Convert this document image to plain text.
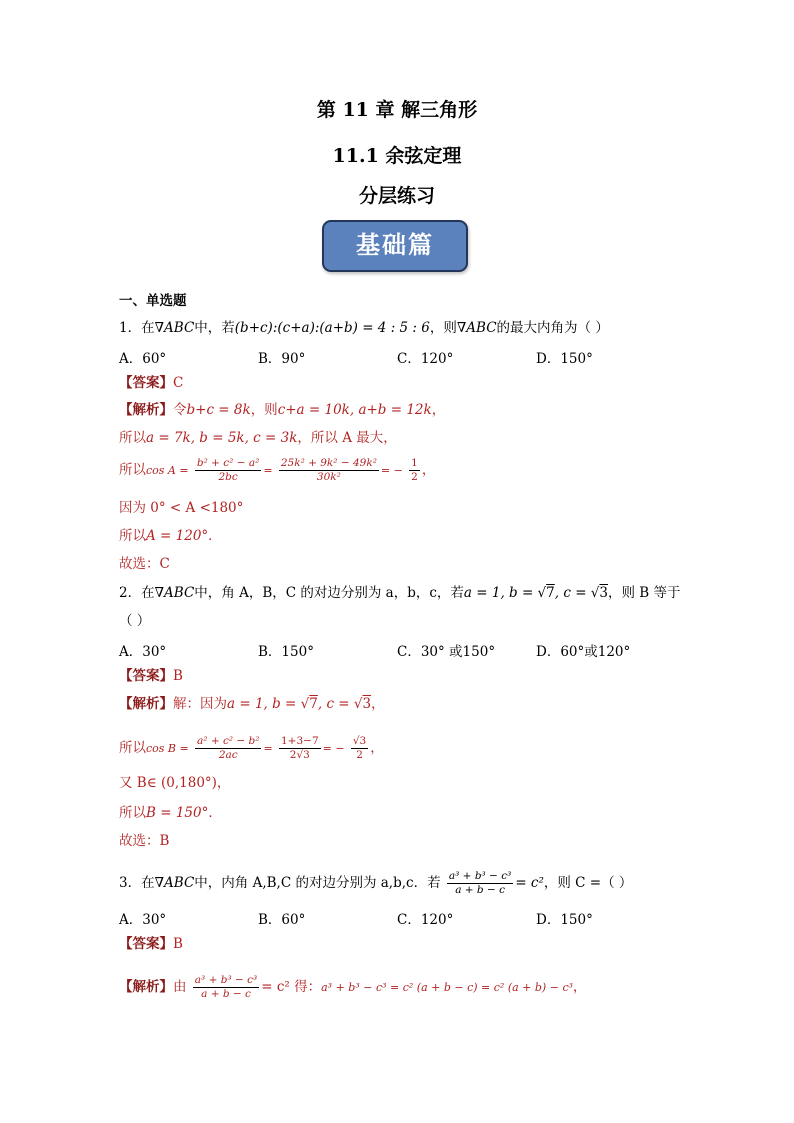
第 11 章 解三角形
11.1 余弦定理
分层练习
基础篇
一、单选题
1．在∇ABC中，若(b+c):(c+a):(a+b) = 4 : 5 : 6，则∇ABC的最大内角为（ ）
A．60°	B．90°	C．120°	D．150°
【答案】C
【解析】令b+c = 8k，则c+a = 10k, a+b = 12k，
所以a = 7k, b = 5k, c = 3k，所以 A 最大，
所以$\cos A = \frac{\text{b² + c² − a²}}{2bc} = \frac{\text{25k² + 9k² − 49k²}}{\text{30k²}}$ = − $\frac{1}{2}$ ，
因为 0° < A <180°
所以A = 120°．
故选：C
2．在∇ABC中，角 A，B，C 的对边分别为 a，b，c，若a = 1, b = √7, c = √3，则 B 等于
（ ）
A．30°	B．150°	C．30° 或150°	D．60°或120°
【答案】B
【解析】解：因为a = 1, b = √7, c = √3，
所以$\cos B = \frac{\text{a² + c² − b²}}{2ac} = \frac{1+3-7}{2√3}$ = − $\frac{√3}{2}$ ，
又 B∈ (0,180°)，
所以B = 150°．
故选：B
3．在∇ABC中，内角 A,B,C 的对边分别为 a,b,c．若 $\frac{\text{a³ + b³ − c³}}{a + b - c} = c^2$，则 C =（ ）
A．30°	B．60°	C．120°	D．150°
【答案】B
【解析】由 $\frac{\text{a³ + b³ − c³}}{a + b - c} = c^2$ 得：a³ + b³ − c³ = c² (a + b − c) = c² (a + b) − c³，
